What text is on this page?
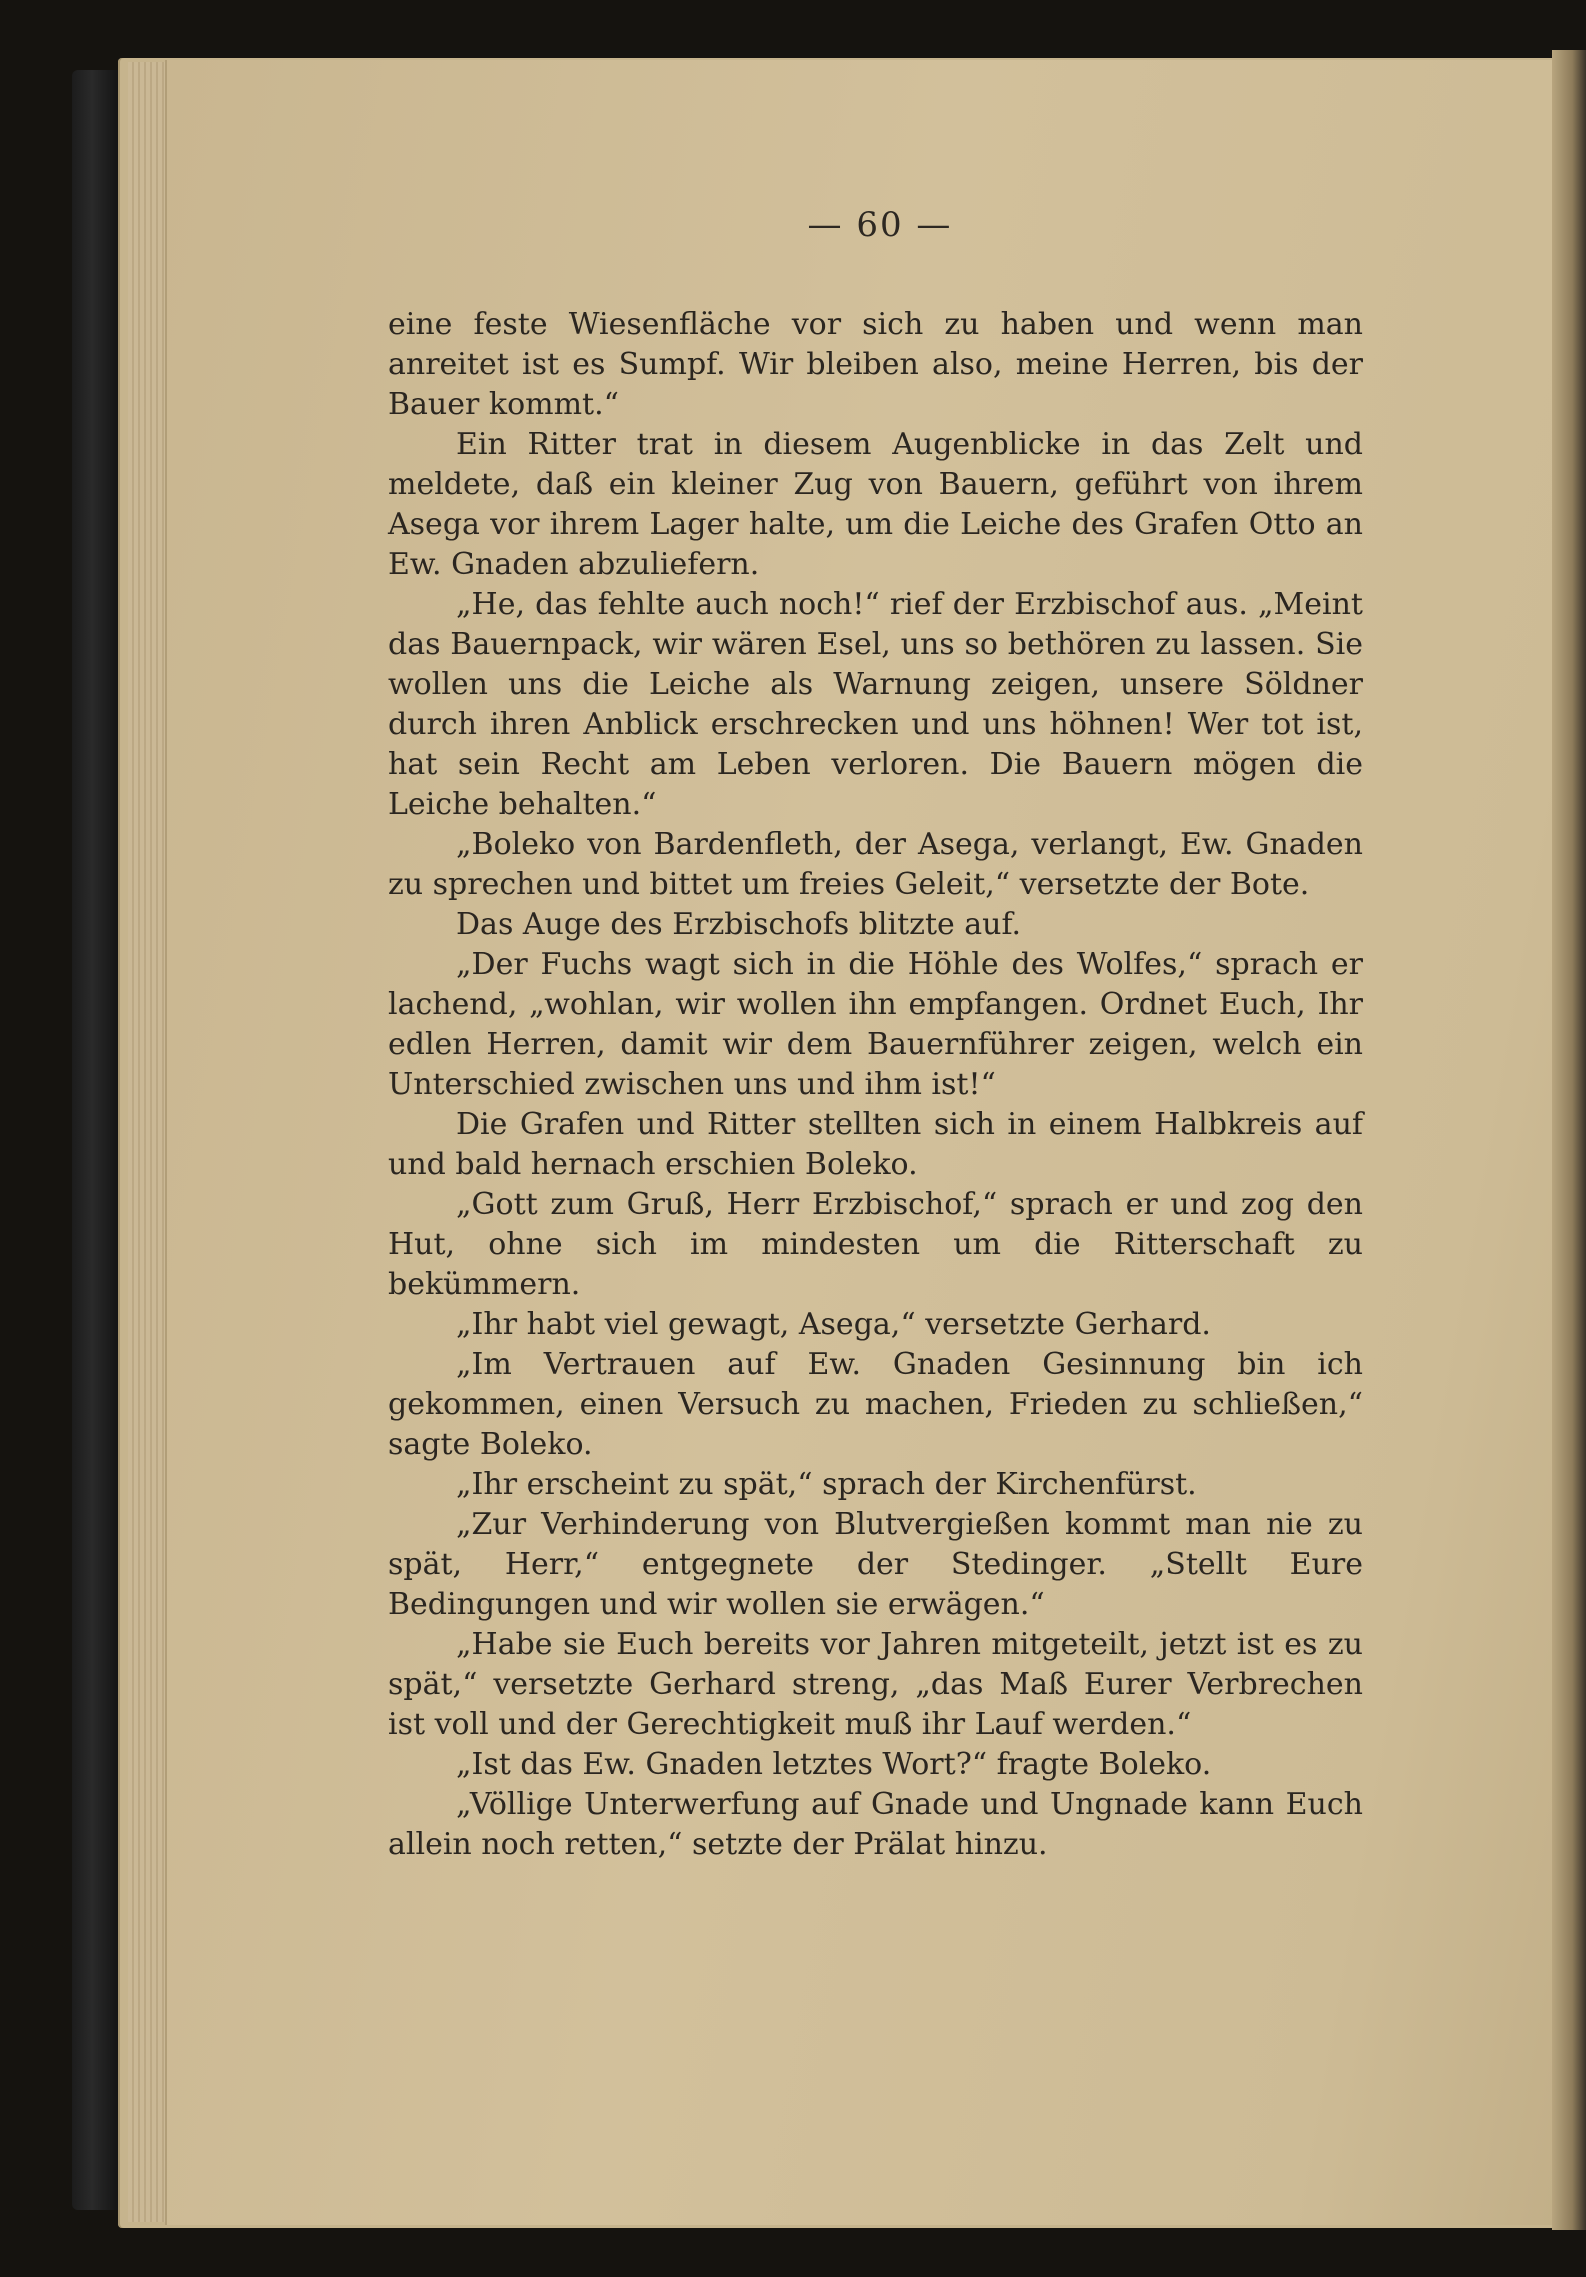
— 60 —

eine feste Wiesenfläche vor sich zu haben und wenn man anreitet ist es Sumpf. Wir bleiben also, meine Herren, bis der Bauer kommt.“

Ein Ritter trat in diesem Augenblicke in das Zelt und meldete, daß ein kleiner Zug von Bauern, geführt von ihrem Asega vor ihrem Lager halte, um die Leiche des Grafen Otto an Ew. Gnaden abzuliefern.

„He, das fehlte auch noch!“ rief der Erzbischof aus. „Meint das Bauernpack, wir wären Esel, uns so bethören zu lassen. Sie wollen uns die Leiche als Warnung zeigen, unsere Söldner durch ihren Anblick erschrecken und uns höhnen! Wer tot ist, hat sein Recht am Leben verloren. Die Bauern mögen die Leiche behalten.“

„Boleko von Bardenfleth, der Asega, verlangt, Ew. Gnaden zu sprechen und bittet um freies Geleit,“ versetzte der Bote.

Das Auge des Erzbischofs blitzte auf.

„Der Fuchs wagt sich in die Höhle des Wolfes,“ sprach er lachend, „wohlan, wir wollen ihn empfangen. Ordnet Euch, Ihr edlen Herren, damit wir dem Bauernführer zeigen, welch ein Unterschied zwischen uns und ihm ist!“

Die Grafen und Ritter stellten sich in einem Halbkreis auf und bald hernach erschien Boleko.

„Gott zum Gruß, Herr Erzbischof,“ sprach er und zog den Hut, ohne sich im mindesten um die Ritterschaft zu bekümmern.

„Ihr habt viel gewagt, Asega,“ versetzte Gerhard.

„Im Vertrauen auf Ew. Gnaden Gesinnung bin ich gekommen, einen Versuch zu machen, Frieden zu schließen,“ sagte Boleko.

„Ihr erscheint zu spät,“ sprach der Kirchenfürst.

„Zur Verhinderung von Blutvergießen kommt man nie zu spät, Herr,“ entgegnete der Stedinger. „Stellt Eure Bedingungen und wir wollen sie erwägen.“

„Habe sie Euch bereits vor Jahren mitgeteilt, jetzt ist es zu spät,“ versetzte Gerhard streng, „das Maß Eurer Verbrechen ist voll und der Gerechtigkeit muß ihr Lauf werden.“

„Ist das Ew. Gnaden letztes Wort?“ fragte Boleko.

„Völlige Unterwerfung auf Gnade und Ungnade kann Euch allein noch retten,“ setzte der Prälat hinzu.
